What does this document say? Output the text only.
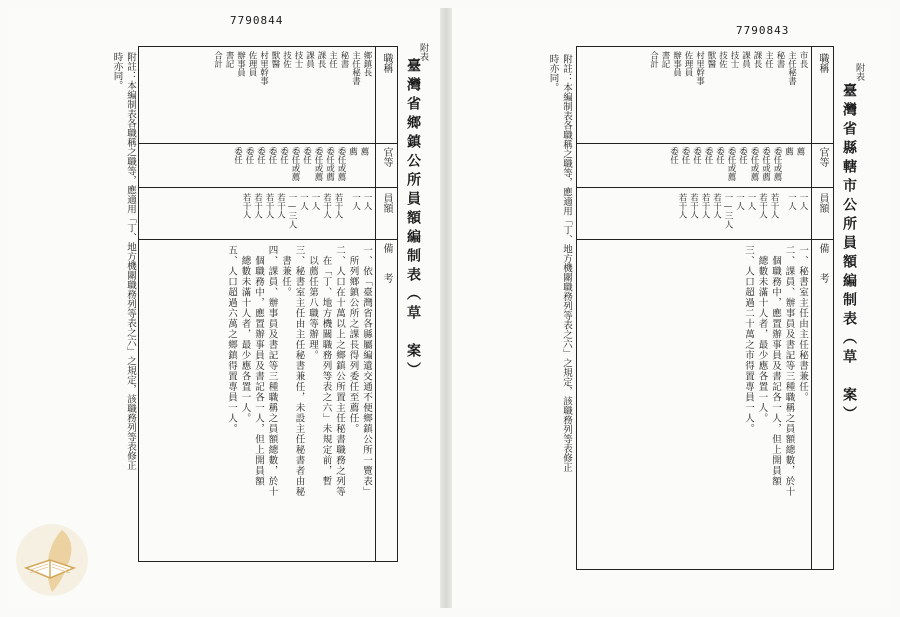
7790844
附表
臺灣省鄉鎮公所員額編制表（草　案）
職稱
官等
員額
備　　考
鄉鎮長
主任秘書
秘書
主任
課長
課員
技士
技佐
獸醫
村里幹事
佐理員
辦事員
書記
合計
薦
薦
委任或薦
委任或薦
委任或薦
委任
委任或薦
委任
委任
委任
委任
委任
一人
一人
若干人
若干人
一人
一人
一—三人
若干人
若干人
若干人
若干人
一、依「臺灣省各縣屬編遺交通不便鄉鎮公所一覽表」
　所列鄉鎮公所之課長得列委任至薦任。
二、人口在十萬以上之鄉鎮公所置主任秘書職務之列等
　在「丁、地方機關職務列等表之六」未規定前，暫
　以薦任第八職等辦理。
三、秘書室主任由主任秘書兼任，未設主任秘書者由秘
　書兼任。
四、課員、辦事員及書記等三種職稱之員額總數，於十
　個職務中，應置辦事員及書記各一人，但上開員額
　總數未滿十人者，最少應各置一人。
五、人口超過六萬之鄉鎮得置專員一人。
附註：本編制表各職稱之職等，應適用「丁、地方機關職務列等表之六」之規定，該職務列等表修正
時亦同。
7790843
附表
臺灣省縣轄市公所員額編制表（草　案）
職稱
官等
員額
備　　考
市長
主任秘書
秘書
主任
課長
課員
技士
技佐
獸醫
村里幹事
佐理員
辦事員
書記
合計
薦
薦
委任或薦
委任或薦
委任或薦
委任
委任或薦
委任
委任
委任
委任
委任
一人
一人
若干人
若干人
一人
一人
一—三人
若干人
若干人
若干人
若干人
一、秘書室主任由主任秘書兼任。
二、課員、辦事員及書記等三種職稱之員額總數，於十
　個職務中，應置辦事員及書記各一人，但上開員額
　總數未滿十人者，最少應各置一人。
三、人口超過二十萬之市得置專員一人。
附註：本編制表各職稱之職等，應適用「丁、地方機關職務列等表之六」之規定，該職務列等表修正
時亦同。
